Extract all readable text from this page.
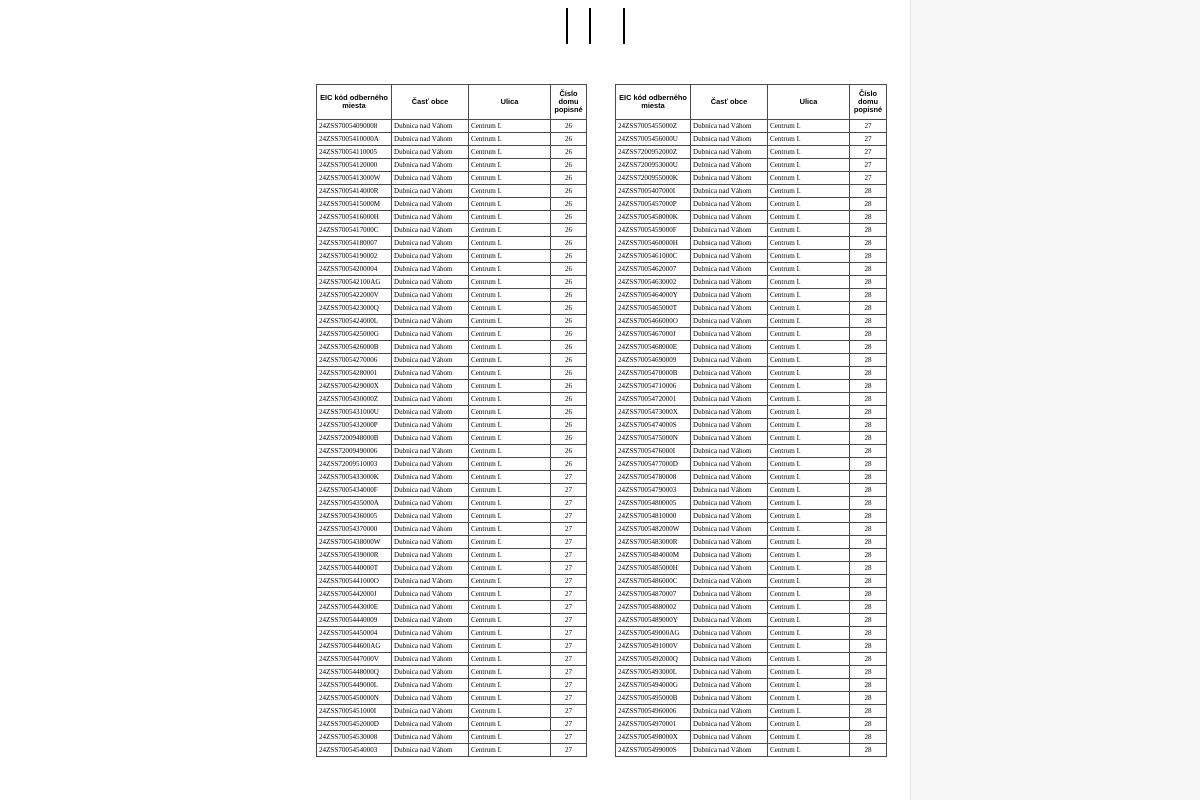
EIC kód odberného miesta	Časť obce	Ulica	Číslo domu popisné
24ZSS70054090008	Dubnica nad Váhom	Centrum I.	26
24ZSS7005410000A	Dubnica nad Váhom	Centrum I.	26
24ZSS70054110005	Dubnica nad Váhom	Centrum I.	26
24ZSS70054120000	Dubnica nad Váhom	Centrum I.	26
24ZSS7005413000W	Dubnica nad Váhom	Centrum I.	26
24ZSS7005414000R	Dubnica nad Váhom	Centrum I.	26
24ZSS7005415000M	Dubnica nad Váhom	Centrum I.	26
24ZSS7005416000H	Dubnica nad Váhom	Centrum I.	26
24ZSS7005417000C	Dubnica nad Váhom	Centrum I.	26
24ZSS70054180007	Dubnica nad Váhom	Centrum I.	26
24ZSS70054190002	Dubnica nad Váhom	Centrum I.	26
24ZSS70054200004	Dubnica nad Váhom	Centrum I.	26
24ZSS700542100AG	Dubnica nad Váhom	Centrum I.	26
24ZSS7005422000V	Dubnica nad Váhom	Centrum I.	26
24ZSS7005423000Q	Dubnica nad Váhom	Centrum I.	26
24ZSS7005424000L	Dubnica nad Váhom	Centrum I.	26
24ZSS7005425000G	Dubnica nad Váhom	Centrum I.	26
24ZSS7005426000B	Dubnica nad Váhom	Centrum I.	26
24ZSS70054270006	Dubnica nad Váhom	Centrum I.	26
24ZSS70054280001	Dubnica nad Váhom	Centrum I.	26
24ZSS7005429000X	Dubnica nad Váhom	Centrum I.	26
24ZSS7005430000Z	Dubnica nad Váhom	Centrum I.	26
24ZSS7005431000U	Dubnica nad Váhom	Centrum I.	26
24ZSS7005432000P	Dubnica nad Váhom	Centrum I.	26
24ZSS7200948000B	Dubnica nad Váhom	Centrum I.	26
24ZSS72009490006	Dubnica nad Váhom	Centrum I.	26
24ZSS72009510003	Dubnica nad Váhom	Centrum I.	26
24ZSS7005433000K	Dubnica nad Váhom	Centrum I.	27
24ZSS7005434000F	Dubnica nad Váhom	Centrum I.	27
24ZSS7005435000A	Dubnica nad Váhom	Centrum I.	27
24ZSS70054360005	Dubnica nad Váhom	Centrum I.	27
24ZSS70054370000	Dubnica nad Váhom	Centrum I.	27
24ZSS7005438000W	Dubnica nad Váhom	Centrum I.	27
24ZSS7005439000R	Dubnica nad Váhom	Centrum I.	27
24ZSS7005440000T	Dubnica nad Váhom	Centrum I.	27
24ZSS7005441000O	Dubnica nad Váhom	Centrum I.	27
24ZSS7005442000J	Dubnica nad Váhom	Centrum I.	27
24ZSS7005443000E	Dubnica nad Váhom	Centrum I.	27
24ZSS70054440009	Dubnica nad Váhom	Centrum I.	27
24ZSS70054450004	Dubnica nad Váhom	Centrum I.	27
24ZSS700544600AG	Dubnica nad Váhom	Centrum I.	27
24ZSS7005447000V	Dubnica nad Váhom	Centrum I.	27
24ZSS7005448000Q	Dubnica nad Váhom	Centrum I.	27
24ZSS7005449000L	Dubnica nad Váhom	Centrum I.	27
24ZSS7005450000N	Dubnica nad Váhom	Centrum I.	27
24ZSS7005451000I	Dubnica nad Váhom	Centrum I.	27
24ZSS7005452000D	Dubnica nad Váhom	Centrum I.	27
24ZSS70054530008	Dubnica nad Váhom	Centrum I.	27
24ZSS70054540003	Dubnica nad Váhom	Centrum I.	27
EIC kód odberného miesta	Časť obce	Ulica	Číslo domu popisné
24ZSS7005455000Z	Dubnica nad Váhom	Centrum I.	27
24ZSS7005456000U	Dubnica nad Váhom	Centrum I.	27
24ZSS7200952000Z	Dubnica nad Váhom	Centrum I.	27
24ZSS7200953000U	Dubnica nad Váhom	Centrum I.	27
24ZSS7200955000K	Dubnica nad Váhom	Centrum I.	27
24ZSS7005407000I	Dubnica nad Váhom	Centrum I.	28
24ZSS7005457000P	Dubnica nad Váhom	Centrum I.	28
24ZSS7005458000K	Dubnica nad Váhom	Centrum I.	28
24ZSS7005459000F	Dubnica nad Váhom	Centrum I.	28
24ZSS7005460000H	Dubnica nad Váhom	Centrum I.	28
24ZSS7005461000C	Dubnica nad Váhom	Centrum I.	28
24ZSS70054620007	Dubnica nad Váhom	Centrum I.	28
24ZSS70054630002	Dubnica nad Váhom	Centrum I.	28
24ZSS7005464000Y	Dubnica nad Váhom	Centrum I.	28
24ZSS7005465000T	Dubnica nad Váhom	Centrum I.	28
24ZSS7005466000O	Dubnica nad Váhom	Centrum I.	28
24ZSS7005467000J	Dubnica nad Váhom	Centrum I.	28
24ZSS7005468000E	Dubnica nad Váhom	Centrum I.	28
24ZSS70054690009	Dubnica nad Váhom	Centrum I.	28
24ZSS7005470000B	Dubnica nad Váhom	Centrum I.	28
24ZSS70054710006	Dubnica nad Váhom	Centrum I.	28
24ZSS70054720001	Dubnica nad Váhom	Centrum I.	28
24ZSS7005473000X	Dubnica nad Váhom	Centrum I.	28
24ZSS7005474000S	Dubnica nad Váhom	Centrum I.	28
24ZSS7005475000N	Dubnica nad Váhom	Centrum I.	28
24ZSS7005476000I	Dubnica nad Váhom	Centrum I.	28
24ZSS7005477000D	Dubnica nad Váhom	Centrum I.	28
24ZSS70054780008	Dubnica nad Váhom	Centrum I.	28
24ZSS70054790003	Dubnica nad Váhom	Centrum I.	28
24ZSS70054800005	Dubnica nad Váhom	Centrum I.	28
24ZSS70054810000	Dubnica nad Váhom	Centrum I.	28
24ZSS7005482000W	Dubnica nad Váhom	Centrum I.	28
24ZSS7005483000R	Dubnica nad Váhom	Centrum I.	28
24ZSS7005484000M	Dubnica nad Váhom	Centrum I.	28
24ZSS7005485000H	Dubnica nad Váhom	Centrum I.	28
24ZSS7005486000C	Dubnica nad Váhom	Centrum I.	28
24ZSS70054870007	Dubnica nad Váhom	Centrum I.	28
24ZSS70054880002	Dubnica nad Váhom	Centrum I.	28
24ZSS7005489000Y	Dubnica nad Váhom	Centrum I.	28
24ZSS700549000AG	Dubnica nad Váhom	Centrum I.	28
24ZSS7005491000V	Dubnica nad Váhom	Centrum I.	28
24ZSS7005492000Q	Dubnica nad Váhom	Centrum I.	28
24ZSS7005493000L	Dubnica nad Váhom	Centrum I.	28
24ZSS7005494000G	Dubnica nad Váhom	Centrum I.	28
24ZSS7005495000B	Dubnica nad Váhom	Centrum I.	28
24ZSS70054960006	Dubnica nad Váhom	Centrum I.	28
24ZSS70054970001	Dubnica nad Váhom	Centrum I.	28
24ZSS7005498000X	Dubnica nad Váhom	Centrum I.	28
24ZSS7005499000S	Dubnica nad Váhom	Centrum I.	28
